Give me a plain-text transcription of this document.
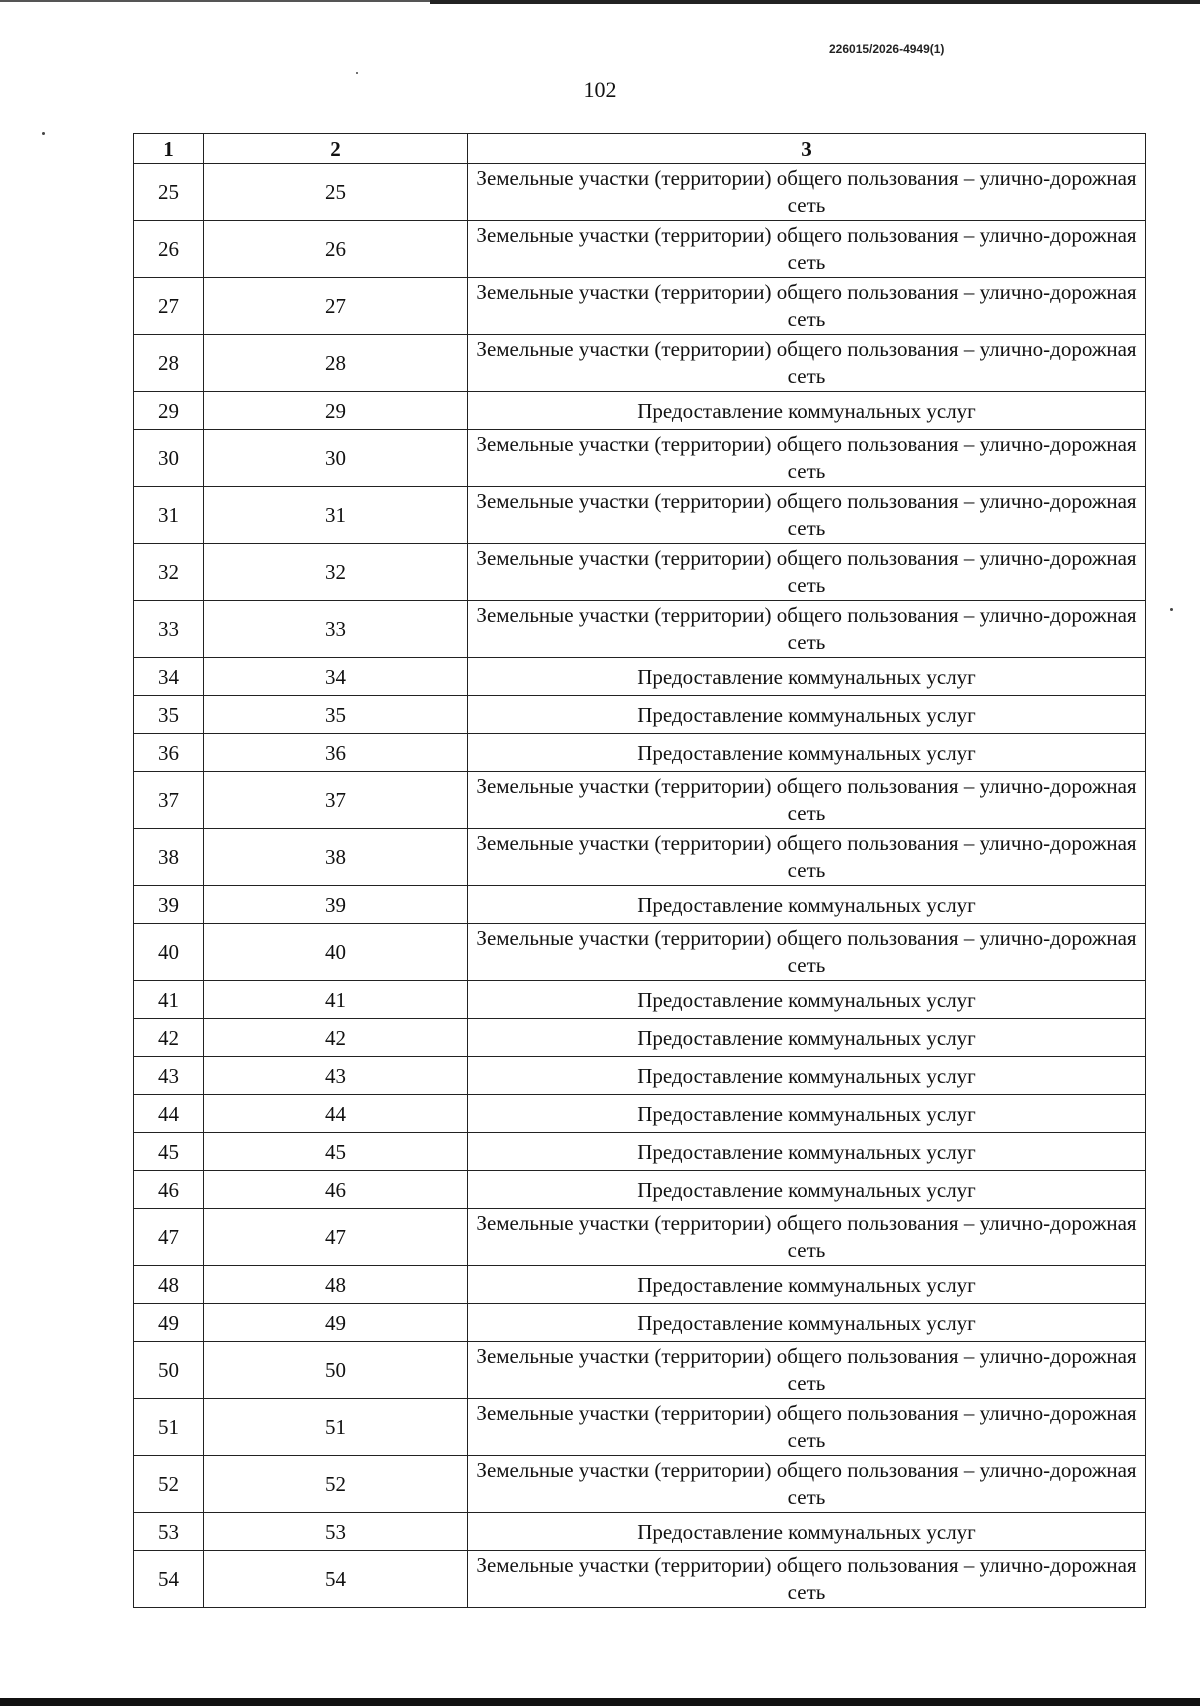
226015/2026-4949(1)
102
1	2	3
25	25	Земельные участки (территории) общего пользования – улично-дорожная сеть
26	26	Земельные участки (территории) общего пользования – улично-дорожная сеть
27	27	Земельные участки (территории) общего пользования – улично-дорожная сеть
28	28	Земельные участки (территории) общего пользования – улично-дорожная сеть
29	29	Предоставление коммунальных услуг
30	30	Земельные участки (территории) общего пользования – улично-дорожная сеть
31	31	Земельные участки (территории) общего пользования – улично-дорожная сеть
32	32	Земельные участки (территории) общего пользования – улично-дорожная сеть
33	33	Земельные участки (территории) общего пользования – улично-дорожная сеть
34	34	Предоставление коммунальных услуг
35	35	Предоставление коммунальных услуг
36	36	Предоставление коммунальных услуг
37	37	Земельные участки (территории) общего пользования – улично-дорожная сеть
38	38	Земельные участки (территории) общего пользования – улично-дорожная сеть
39	39	Предоставление коммунальных услуг
40	40	Земельные участки (территории) общего пользования – улично-дорожная сеть
41	41	Предоставление коммунальных услуг
42	42	Предоставление коммунальных услуг
43	43	Предоставление коммунальных услуг
44	44	Предоставление коммунальных услуг
45	45	Предоставление коммунальных услуг
46	46	Предоставление коммунальных услуг
47	47	Земельные участки (территории) общего пользования – улично-дорожная сеть
48	48	Предоставление коммунальных услуг
49	49	Предоставление коммунальных услуг
50	50	Земельные участки (территории) общего пользования – улично-дорожная сеть
51	51	Земельные участки (территории) общего пользования – улично-дорожная сеть
52	52	Земельные участки (территории) общего пользования – улично-дорожная сеть
53	53	Предоставление коммунальных услуг
54	54	Земельные участки (территории) общего пользования – улично-дорожная сеть
